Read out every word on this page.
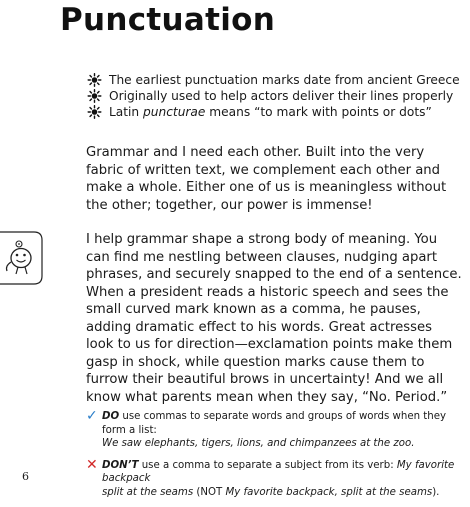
Punctuation
The earliest punctuation marks date from ancient Greece
Originally used to help actors deliver their lines properly
Latin puncturae means “to mark with points or dots”
Grammar and I need each other. Built into the very
fabric of written text, we complement each other and
make a whole. Either one of us is meaningless without
the other; together, our power is immense!
I help grammar shape a strong body of meaning. You
can find me nestling between clauses, nudging apart
phrases, and securely snapped to the end of a sentence.
When a president reads a historic speech and sees the
small curved mark known as a comma, he pauses,
adding dramatic effect to his words. Great actresses
look to us for direction—exclamation points make them
gasp in shock, while question marks cause them to
furrow their beautiful brows in uncertainty! And we all
know what parents mean when they say, “No. Period.”
✓ DO use commas to separate words and groups of words when they form a list:
We saw elephants, tigers, lions, and chimpanzees at the zoo.
✕ DON’T use a comma to separate a subject from its verb: My favorite backpack
split at the seams (NOT My favorite backpack, split at the seams).
6
